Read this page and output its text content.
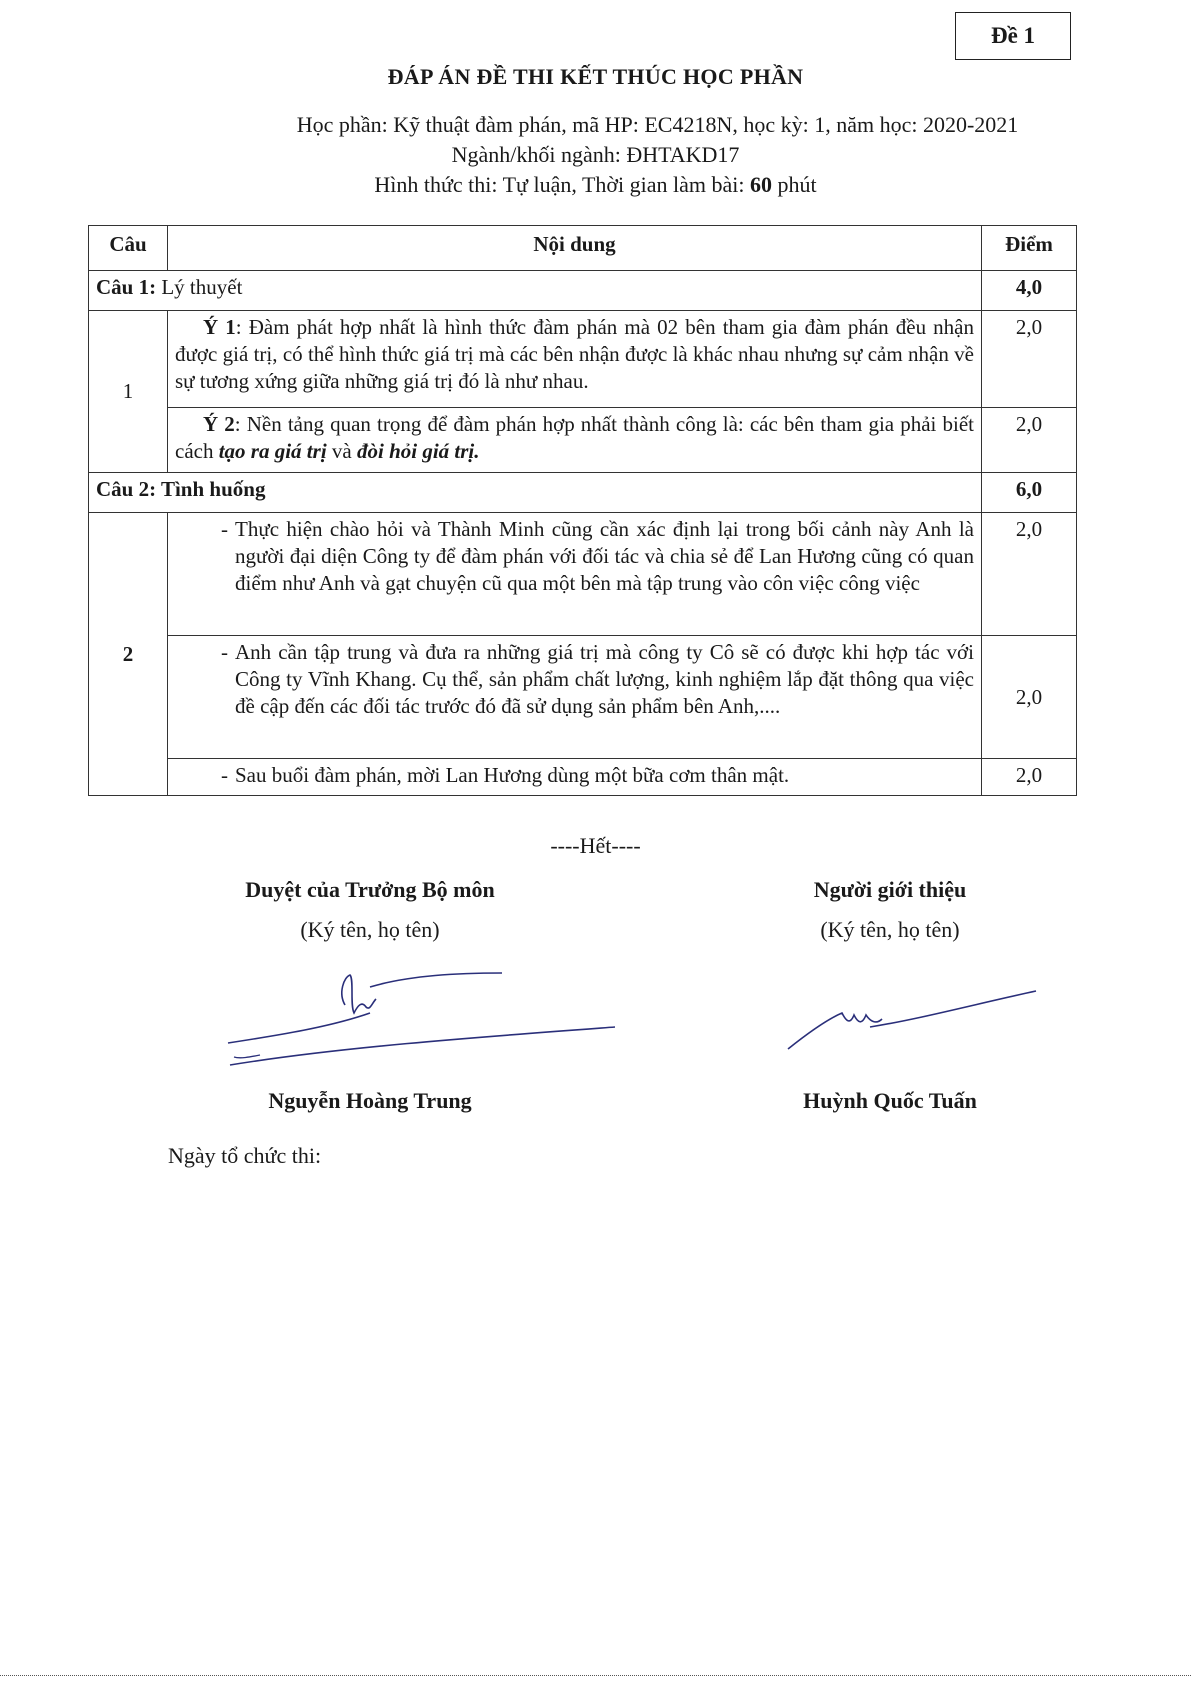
Đề 1
ĐÁP ÁN ĐỀ THI KẾT THÚC HỌC PHẦN
Học phần: Kỹ thuật đàm phán, mã HP: EC4218N, học kỳ: 1, năm học: 2020-2021
Ngành/khối ngành: ĐHTAKD17
Hình thức thi: Tự luận, Thời gian làm bài: 60 phút
Câu	Nội dung	Điểm
Câu 1: Lý thuyết		4,0
1	Ý 1: Đàm phát hợp nhất là hình thức đàm phán mà 02 bên tham gia đàm phán đều nhận được giá trị, có thể hình thức giá trị mà các bên nhận được là khác nhau nhưng sự cảm nhận về sự tương xứng giữa những giá trị đó là như nhau.	2,0
	Ý 2: Nền tảng quan trọng để đàm phán hợp nhất thành công là: các bên tham gia phải biết cách tạo ra giá trị và đòi hỏi giá trị.	2,0
Câu 2: Tình huống		6,0
2	- Thực hiện chào hỏi và Thành Minh cũng cần xác định lại trong bối cảnh này Anh là người đại diện Công ty để đàm phán với đối tác và chia sẻ để Lan Hương cũng có quan điểm như Anh và gạt chuyện cũ qua một bên mà tập trung vào côn việc công việc	2,0

	- Anh cần tập trung và đưa ra những giá trị mà công ty Cô sẽ có được khi hợp tác với Công ty Vĩnh Khang. Cụ thể, sản phẩm chất lượng, kinh nghiệm lắp đặt thông qua việc đề cập đến các đối tác trước đó đã sử dụng sản phẩm bên Anh,....	2,0

	- Sau buổi đàm phán, mời Lan Hương dùng một bữa cơm thân mật.	2,0
----Hết----
Duyệt của Trưởng Bộ môn
(Ký tên, họ tên)
Người giới thiệu
(Ký tên, họ tên)
Nguyễn Hoàng Trung	Huỳnh Quốc Tuấn
Ngày tổ chức thi:
